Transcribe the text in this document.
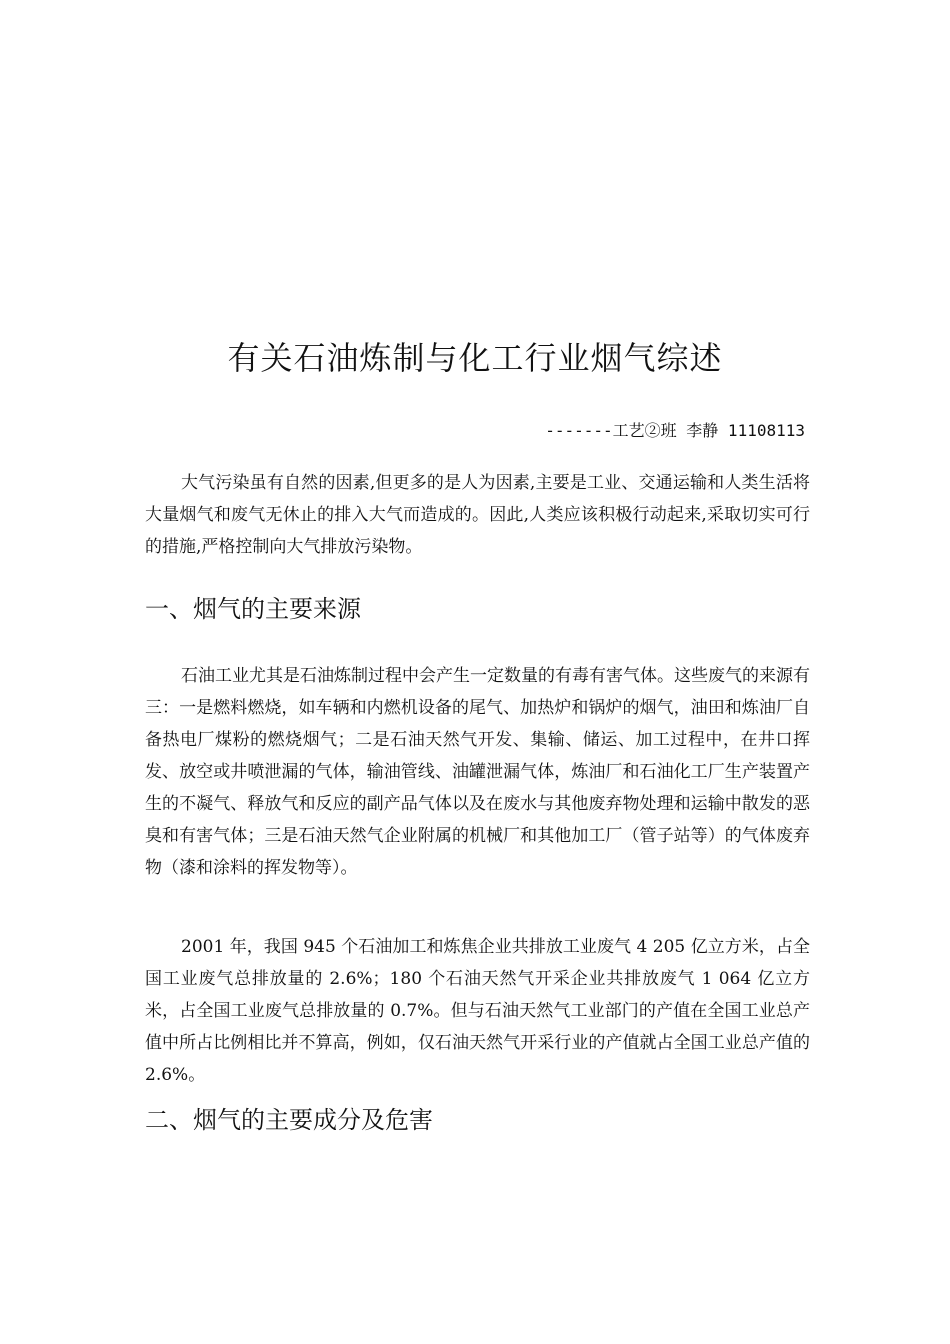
有关石油炼制与化工行业烟气综述
-------工艺②班 李静 11108113

大气污染虽有自然的因素,但更多的是人为因素,主要是工业、交通运输和人类生活将大量烟气和废气无休止的排入大气而造成的。因此,人类应该积极行动起来,采取切实可行的措施,严格控制向大气排放污染物。

一、烟气的主要来源

石油工业尤其是石油炼制过程中会产生一定数量的有毒有害气体。这些废气的来源有三：一是燃料燃烧，如车辆和内燃机设备的尾气、加热炉和锅炉的烟气，油田和炼油厂自备热电厂煤粉的燃烧烟气；二是石油天然气开发、集输、储运、加工过程中，在井口挥发、放空或井喷泄漏的气体，输油管线、油罐泄漏气体，炼油厂和石油化工厂生产装置产生的不凝气、释放气和反应的副产品气体以及在废水与其他废弃物处理和运输中散发的恶臭和有害气体；三是石油天然气企业附属的机械厂和其他加工厂（管子站等）的气体废弃物（漆和涂料的挥发物等）。

2001 年，我国 945 个石油加工和炼焦企业共排放工业废气 4 205 亿立方米，占全国工业废气总排放量的 2.6%；180 个石油天然气开采企业共排放废气 1 064 亿立方米，占全国工业废气总排放量的 0.7%。但与石油天然气工业部门的产值在全国工业总产值中所占比例相比并不算高，例如，仅石油天然气开采行业的产值就占全国工业总产值的 2.6%。

二、烟气的主要成分及危害
